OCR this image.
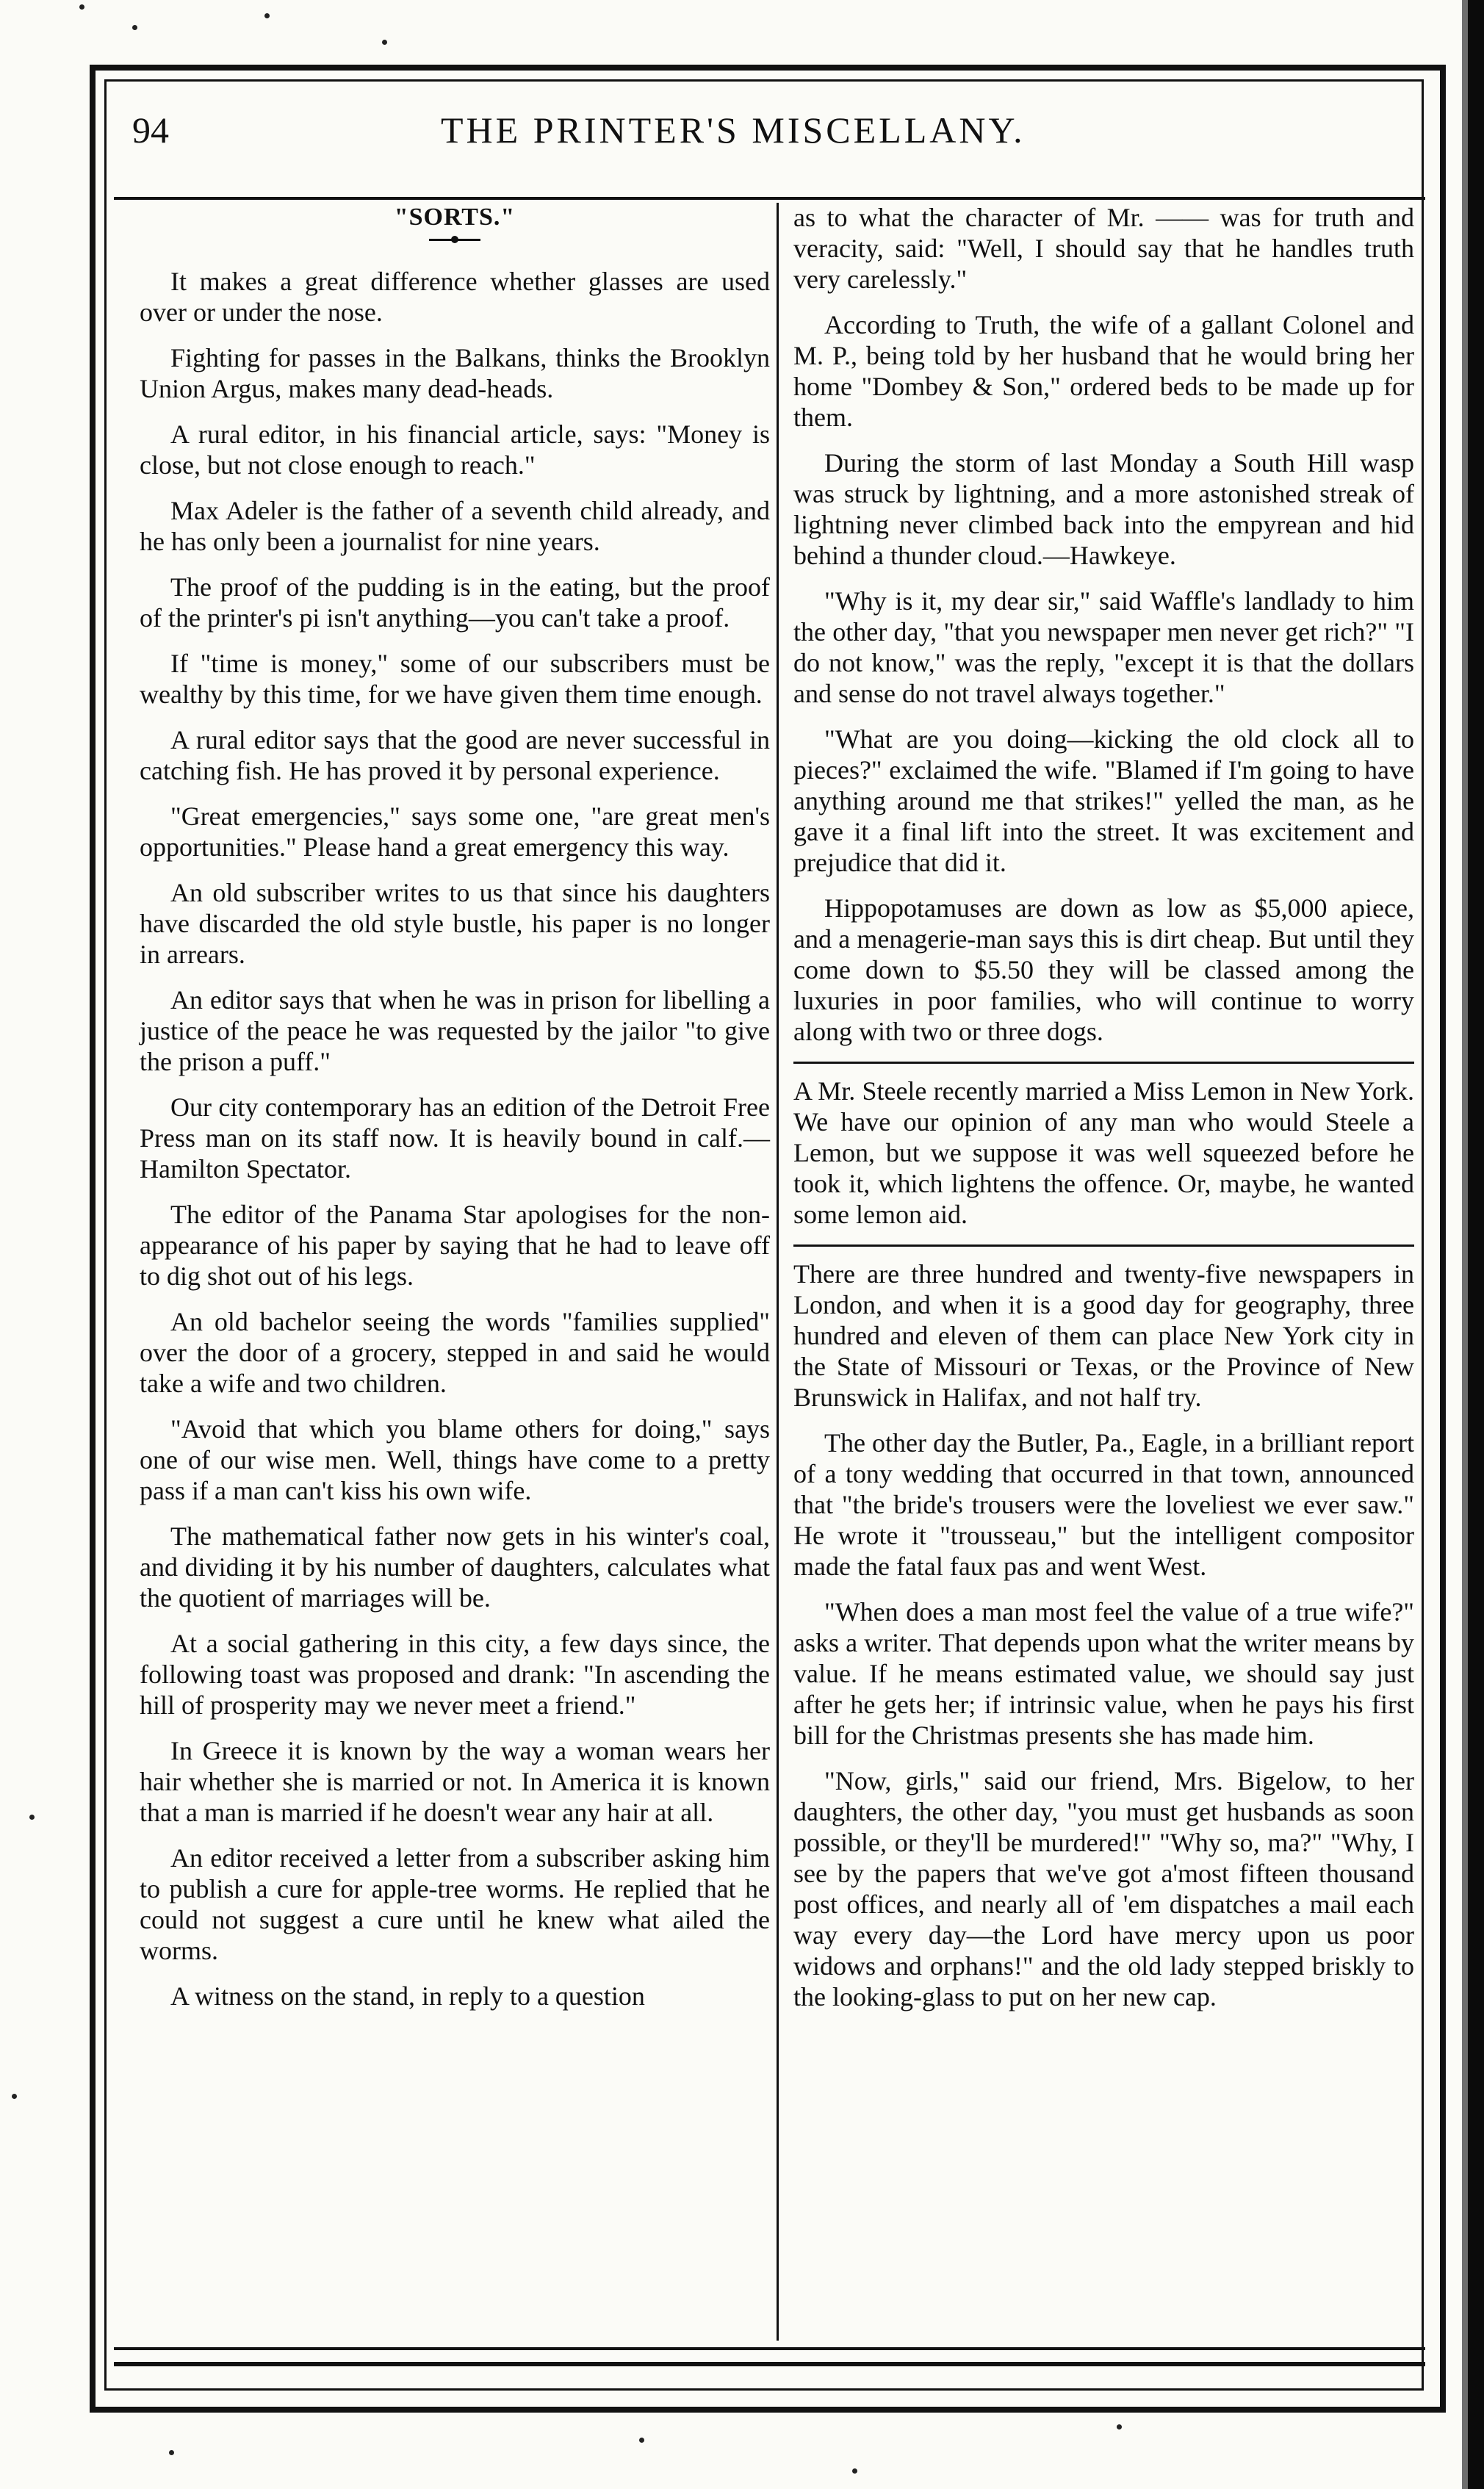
94	THE PRINTER'S MISCELLANY.
"SORTS."

It makes a great difference whether glasses are used over or under the nose.

Fighting for passes in the Balkans, thinks the Brooklyn Union Argus, makes many dead-heads.

A rural editor, in his financial article, says: "Money is close, but not close enough to reach."

Max Adeler is the father of a seventh child already, and he has only been a journalist for nine years.

The proof of the pudding is in the eating, but the proof of the printer's pi isn't anything—you can't take a proof.

If "time is money," some of our subscribers must be wealthy by this time, for we have given them time enough.

A rural editor says that the good are never successful in catching fish. He has proved it by personal experience.

"Great emergencies," says some one, "are great men's opportunities." Please hand a great emergency this way.

An old subscriber writes to us that since his daughters have discarded the old style bustle, his paper is no longer in arrears.

An editor says that when he was in prison for libelling a justice of the peace he was requested by the jailor "to give the prison a puff."

Our city contemporary has an edition of the Detroit Free Press man on its staff now. It is heavily bound in calf.—Hamilton Spectator.

The editor of the Panama Star apologises for the non-appearance of his paper by saying that he had to leave off to dig shot out of his legs.

An old bachelor seeing the words "families supplied" over the door of a grocery, stepped in and said he would take a wife and two children.

"Avoid that which you blame others for doing," says one of our wise men. Well, things have come to a pretty pass if a man can't kiss his own wife.

The mathematical father now gets in his winter's coal, and dividing it by his number of daughters, calculates what the quotient of marriages will be.

At a social gathering in this city, a few days since, the following toast was proposed and drank: "In ascending the hill of prosperity may we never meet a friend."

In Greece it is known by the way a woman wears her hair whether she is married or not. In America it is known that a man is married if he doesn't wear any hair at all.

An editor received a letter from a subscriber asking him to publish a cure for apple-tree worms. He replied that he could not suggest a cure until he knew what ailed the worms.

A witness on the stand, in reply to a question

as to what the character of Mr. —— was for truth and veracity, said: "Well, I should say that he handles truth very carelessly."

According to Truth, the wife of a gallant Colonel and M. P., being told by her husband that he would bring her home "Dombey & Son," ordered beds to be made up for them.

During the storm of last Monday a South Hill wasp was struck by lightning, and a more astonished streak of lightning never climbed back into the empyrean and hid behind a thunder cloud.—Hawkeye.

"Why is it, my dear sir," said Waffle's landlady to him the other day, "that you newspaper men never get rich?" "I do not know," was the reply, "except it is that the dollars and sense do not travel always together."

"What are you doing—kicking the old clock all to pieces?" exclaimed the wife. "Blamed if I'm going to have anything around me that strikes!" yelled the man, as he gave it a final lift into the street. It was excitement and prejudice that did it.

Hippopotamuses are down as low as $5,000 apiece, and a menagerie-man says this is dirt cheap. But until they come down to $5.50 they will be classed among the luxuries in poor families, who will continue to worry along with two or three dogs.

A Mr. Steele recently married a Miss Lemon in New York. We have our opinion of any man who would Steele a Lemon, but we suppose it was well squeezed before he took it, which lightens the offence. Or, maybe, he wanted some lemon aid.

There are three hundred and twenty-five newspapers in London, and when it is a good day for geography, three hundred and eleven of them can place New York city in the State of Missouri or Texas, or the Province of New Brunswick in Halifax, and not half try.

The other day the Butler, Pa., Eagle, in a brilliant report of a tony wedding that occurred in that town, announced that "the bride's trousers were the loveliest we ever saw." He wrote it "trousseau," but the intelligent compositor made the fatal faux pas and went West.

"When does a man most feel the value of a true wife?" asks a writer. That depends upon what the writer means by value. If he means estimated value, we should say just after he gets her; if intrinsic value, when he pays his first bill for the Christmas presents she has made him.

"Now, girls," said our friend, Mrs. Bigelow, to her daughters, the other day, "you must get husbands as soon possible, or they'll be murdered!" "Why so, ma?" "Why, I see by the papers that we've got a'most fifteen thousand post offices, and nearly all of 'em dispatches a mail each way every day—the Lord have mercy upon us poor widows and orphans!" and the old lady stepped briskly to the looking-glass to put on her new cap.
